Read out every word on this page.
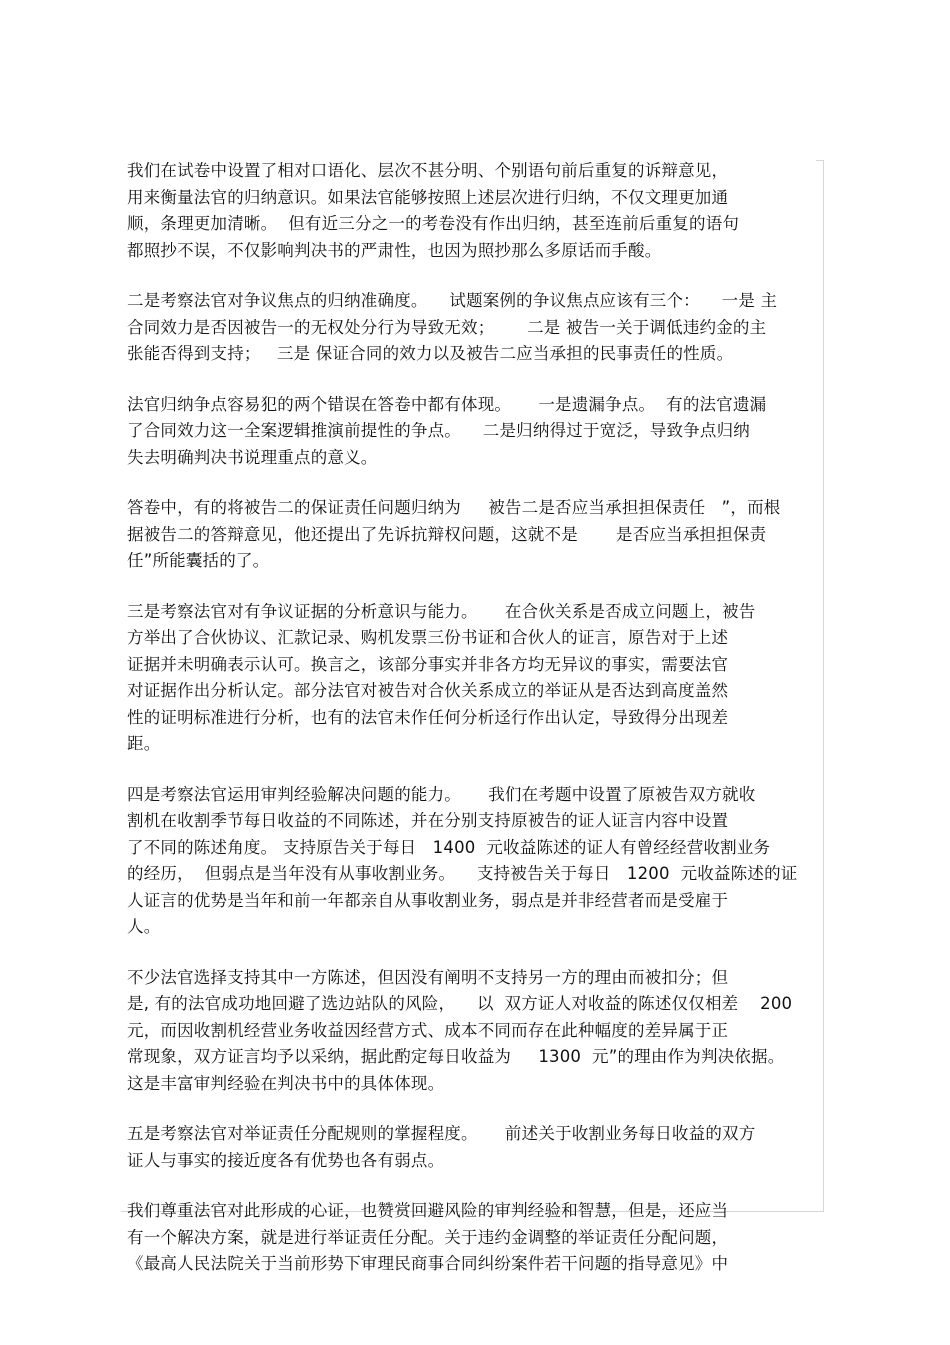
我们在试卷中设置了相对口语化、层次不甚分明、个别语句前后重复的诉辩意见，
用来衡量法官的归纳意识。如果法官能够按照上述层次进行归纳，不仅文理更加通
顺，条理更加清晰。  但有近三分之一的考卷没有作出归纳，甚至连前后重复的语句
都照抄不误，不仅影响判决书的严肃性，也因为照抄那么多原话而手酸。

二是考察法官对争议焦点的归纳准确度。    试题案例的争议焦点应该有三个：    一是 主
合同效力是否因被告一的无权处分行为导致无效；      二是 被告一关于调低违约金的主
张能否得到支持；   三是 保证合同的效力以及被告二应当承担的民事责任的性质。

法官归纳争点容易犯的两个错误在答卷中都有体现。     一是遗漏争点。  有的法官遗漏
了合同效力这一全案逻辑推演前提性的争点。    二是归纳得过于宽泛，导致争点归纳
失去明确判决书说理重点的意义。

答卷中，有的将被告二的保证责任问题归纳为     被告二是否应当承担担保责任   ”，而根
据被告二的答辩意见，他还提出了先诉抗辩权问题，这就不是       是否应当承担担保责
任”所能囊括的了。

三是考察法官对有争议证据的分析意识与能力。     在合伙关系是否成立问题上，被告
方举出了合伙协议、汇款记录、购机发票三份书证和合伙人的证言，原告对于上述
证据并未明确表示认可。换言之，该部分事实并非各方均无异议的事实，需要法官
对证据作出分析认定。部分法官对被告对合伙关系成立的举证从是否达到高度盖然
性的证明标准进行分析，也有的法官未作任何分析迳行作出认定，导致得分出现差
距。

四是考察法官运用审判经验解决问题的能力。     我们在考题中设置了原被告双方就收
割机在收割季节每日收益的不同陈述，并在分别支持原被告的证人证言内容中设置
了不同的陈述角度。 支持原告关于每日   1400  元收益陈述的证人有曾经经营收割业务
的经历，  但弱点是当年没有从事收割业务。    支持被告关于每日   1200  元收益陈述的证
人证言的优势是当年和前一年都亲自从事收割业务，弱点是并非经营者而是受雇于
人。

不少法官选择支持其中一方陈述，但因没有阐明不支持另一方的理由而被扣分；但
是, 有的法官成功地回避了选边站队的风险，    以  双方证人对收益的陈述仅仅相差    200
元，而因收割机经营业务收益因经营方式、成本不同而存在此种幅度的差异属于正
常现象，双方证言均予以采纳，据此酌定每日收益为     1300  元”的理由作为判决依据。
这是丰富审判经验在判决书中的具体体现。

五是考察法官对举证责任分配规则的掌握程度。     前述关于收割业务每日收益的双方
证人与事实的接近度各有优势也各有弱点。

我们尊重法官对此形成的心证，也赞赏回避风险的审判经验和智慧，但是，还应当
有一个解决方案，就是进行举证责任分配。关于违约金调整的举证责任分配问题，
《最高人民法院关于当前形势下审理民商事合同纠纷案件若干问题的指导意见》中
